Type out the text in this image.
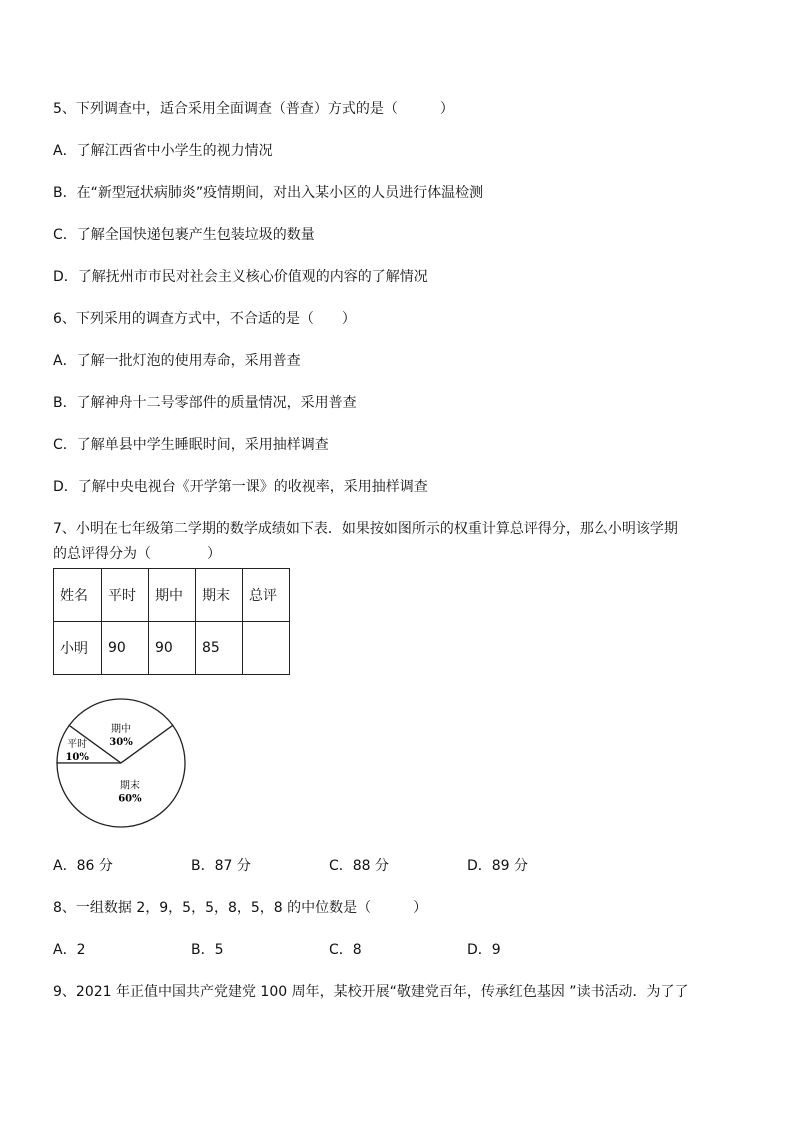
5、下列调查中，适合采用全面调查（普查）方式的是（　　　）
A．了解江西省中小学生的视力情况
B．在“新型冠状病肺炎”疫情期间，对出入某小区的人员进行体温检测
C．了解全国快递包裹产生包装垃圾的数量
D．了解抚州市市民对社会主义核心价值观的内容的了解情况
6、下列采用的调查方式中，不合适的是（　　）
A．了解一批灯泡的使用寿命，采用普查
B．了解神舟十二号零部件的质量情况，采用普查
C．了解单县中学生睡眠时间，采用抽样调查
D．了解中央电视台《开学第一课》的收视率，采用抽样调查
7、小明在七年级第二学期的数学成绩如下表．如果按如图所示的权重计算总评得分，那么小明该学期
的总评得分为（　　　　）
姓名	平时	期中	期末	总评
小明	90	90	85	
平时
10%
期中
30%
期末
60%
A．86 分	B．87 分	C．88 分	D．89 分
8、一组数据 2，9，5，5，8，5，8 的中位数是（　　　）
A．2	B．5	C．8	D．9
9、2021 年正值中国共产党建党 100 周年，某校开展“敬建党百年，传承红色基因 ”读书活动．为了了
